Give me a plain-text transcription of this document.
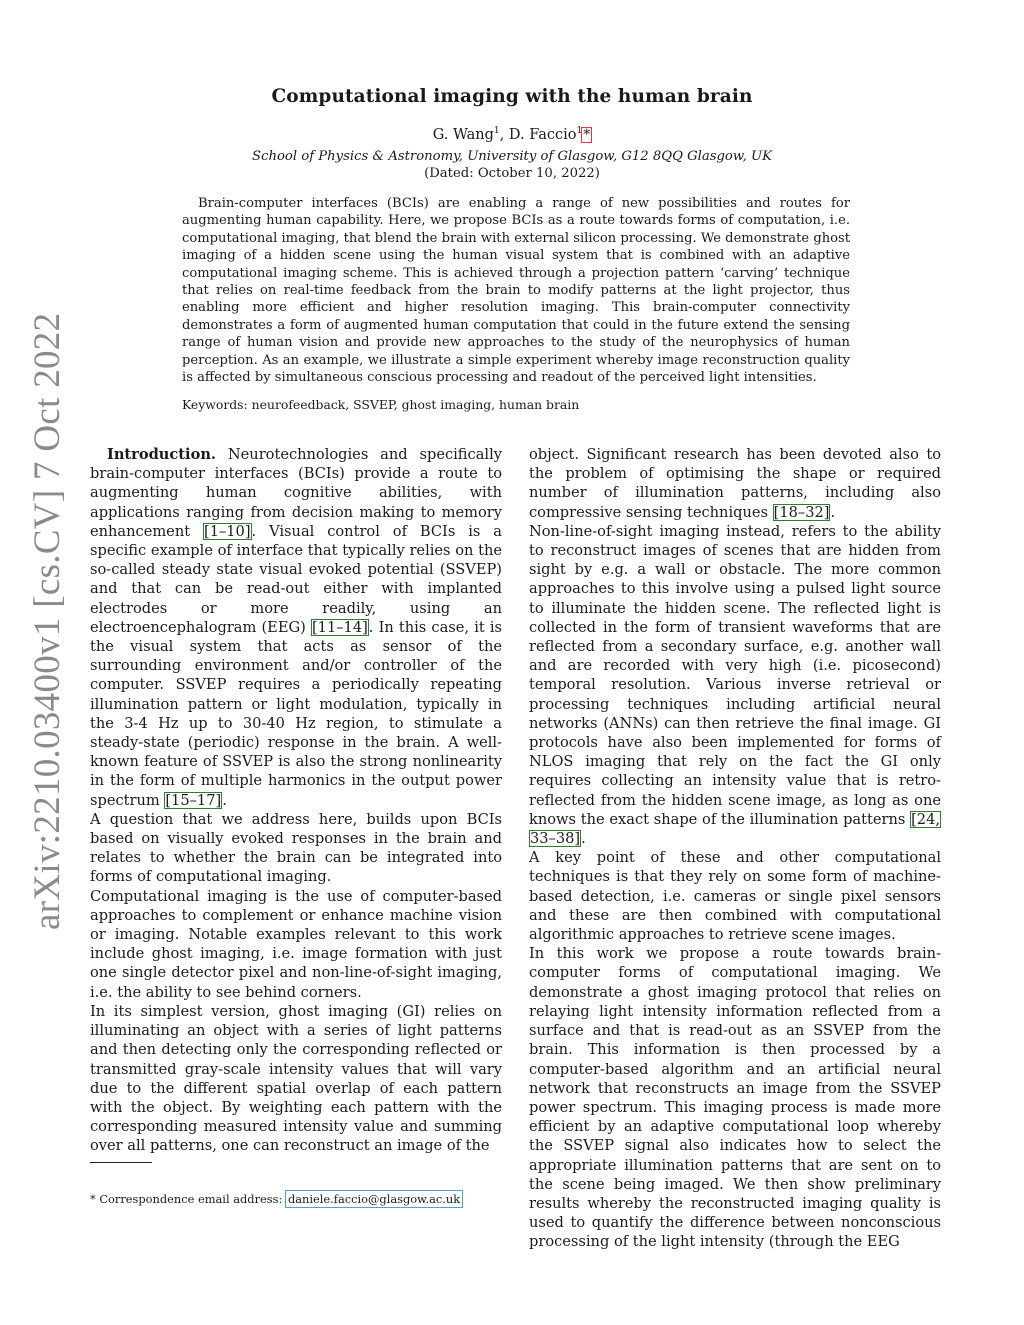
Computational imaging with the human brain
G. Wang$^1$, D. Faccio$^1$*
School of Physics & Astronomy, University of Glasgow, G12 8QQ Glasgow, UK
(Dated: October 10, 2022)
Brain-computer interfaces (BCIs) are enabling a range of new possibilities and routes for augmenting human capability. Here, we propose BCIs as a route towards forms of computation, i.e. computational imaging, that blend the brain with external silicon processing. We demonstrate ghost imaging of a hidden scene using the human visual system that is combined with an adaptive computational imaging scheme. This is achieved through a projection pattern ‘carving’ technique that relies on real-time feedback from the brain to modify patterns at the light projector, thus enabling more efficient and higher resolution imaging. This brain-computer connectivity demonstrates a form of augmented human computation that could in the future extend the sensing range of human vision and provide new approaches to the study of the neurophysics of human perception. As an example, we illustrate a simple experiment whereby image reconstruction quality is affected by simultaneous conscious processing and readout of the perceived light intensities.
Keywords: neurofeedback, SSVEP, ghost imaging, human brain
arXiv:2210.03400v1 [cs.CV] 7 Oct 2022	Introduction. Neurotechnologies and specifically brain-computer interfaces (BCIs) provide a route to augmenting human cognitive abilities, with applications ranging from decision making to memory enhancement [1–10]. Visual control of BCIs is a specific example of interface that typically relies on the so-called steady state visual evoked potential (SSVEP) and that can be read-out either with implanted electrodes or more readily, using an electroencephalogram (EEG) [11–14]. In this case, it is the visual system that acts as sensor of the surrounding environment and/or controller of the computer. SSVEP requires a periodically repeating illumination pattern or light modulation, typically in the 3-4 Hz up to 30-40 Hz region, to stimulate a steady-state (periodic) response in the brain. A well-known feature of SSVEP is also the strong nonlinearity in the form of multiple harmonics in the output power spectrum [15–17].

A question that we address here, builds upon BCIs based on visually evoked responses in the brain and relates to whether the brain can be integrated into forms of computational imaging.

Computational imaging is the use of computer-based approaches to complement or enhance machine vision or imaging. Notable examples relevant to this work include ghost imaging, i.e. image formation with just one single detector pixel and non-line-of-sight imaging, i.e. the ability to see behind corners.

In its simplest version, ghost imaging (GI) relies on illuminating an object with a series of light patterns and then detecting only the corresponding reflected or transmitted gray-scale intensity values that will vary due to the different spatial overlap of each pattern with the object. By weighting each pattern with the corresponding measured intensity value and summing over all patterns, one can reconstruct an image of the

object. Significant research has been devoted also to the problem of optimising the shape or required number of illumination patterns, including also compressive sensing techniques [18–32].

Non-line-of-sight imaging instead, refers to the ability to reconstruct images of scenes that are hidden from sight by e.g. a wall or obstacle. The more common approaches to this involve using a pulsed light source to illuminate the hidden scene. The reflected light is collected in the form of transient waveforms that are reflected from a secondary surface, e.g. another wall and are recorded with very high (i.e. picosecond) temporal resolution. Various inverse retrieval or processing techniques including artificial neural networks (ANNs) can then retrieve the final image. GI protocols have also been implemented for forms of NLOS imaging that rely on the fact the GI only requires collecting an intensity value that is retro-reflected from the hidden scene image, as long as one knows the exact shape of the illumination patterns [24, 33–38].

A key point of these and other computational techniques is that they rely on some form of machine-based detection, i.e. cameras or single pixel sensors and these are then combined with computational algorithmic approaches to retrieve scene images.

In this work we propose a route towards brain-computer forms of computational imaging. We demonstrate a ghost imaging protocol that relies on relaying light intensity information reflected from a surface and that is read-out as an SSVEP from the brain. This information is then processed by a computer-based algorithm and an artificial neural network that reconstructs an image from the SSVEP power spectrum. This imaging process is made more efficient by an adaptive computational loop whereby the SSVEP signal also indicates how to select the appropriate illumination patterns that are sent on to the scene being imaged. We then show preliminary results whereby the reconstructed imaging quality is used to quantify the difference between nonconscious processing of the light intensity (through the EEG

* Correspondence email address: daniele.faccio@glasgow.ac.uk
